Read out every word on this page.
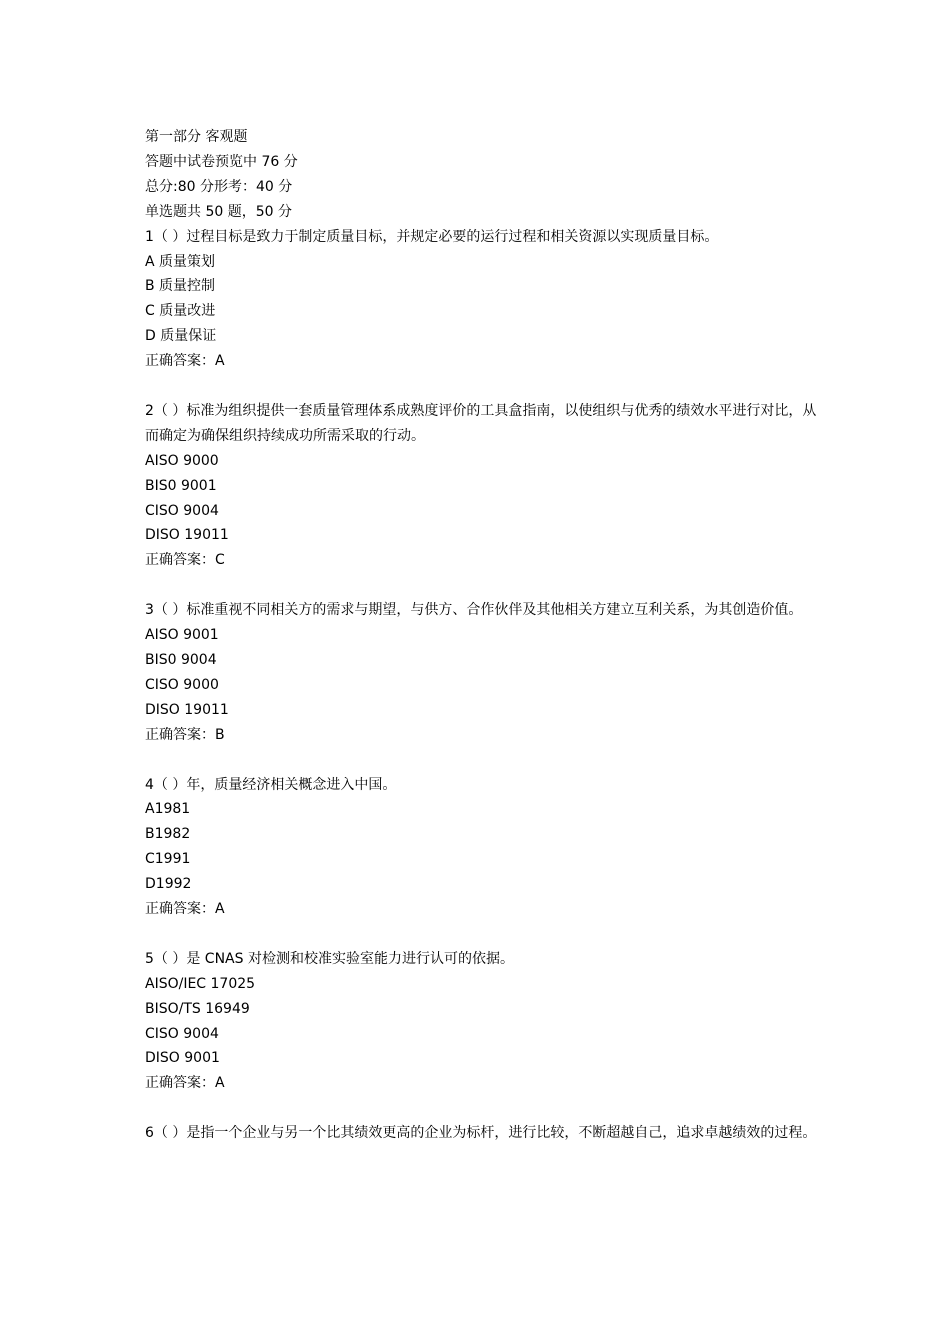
第一部分 客观题
答题中试卷预览中 76 分
总分:80 分形考：40 分
单选题共 50 题，50 分
1（ ）过程目标是致力于制定质量目标，并规定必要的运行过程和相关资源以实现质量目标。
A 质量策划
B 质量控制
C 质量改进
D 质量保证
正确答案：A
2（ ）标准为组织提供一套质量管理体系成熟度评价的工具盒指南，以使组织与优秀的绩效水平进行对比，从而确定为确保组织持续成功所需采取的行动。
AISO 9000
BIS0 9001
CISO 9004
DISO 19011
正确答案：C
3（ ）标准重视不同相关方的需求与期望，与供方、合作伙伴及其他相关方建立互利关系，为其创造价值。
AISO 9001
BIS0 9004
CISO 9000
DISO 19011
正确答案：B
4（ ）年，质量经济相关概念进入中国。
A1981
B1982
C1991
D1992
正确答案：A
5（ ）是 CNAS 对检测和校准实验室能力进行认可的依据。
AISO/IEC 17025
BISO/TS 16949
CISO 9004
DISO 9001
正确答案：A
6（ ）是指一个企业与另一个比其绩效更高的企业为标杆，进行比较，不断超越自己，追求卓越绩效的过程。
